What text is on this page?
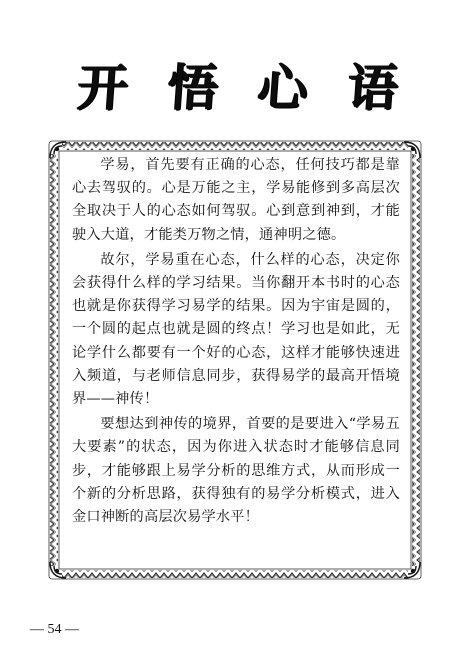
开 悟 心 语

学易，首先要有正确的心态，任何技巧都是靠心去驾驭的。心是万能之主，学易能修到多高层次全取决于人的心态如何驾驭。心到意到神到，才能驶入大道，才能类万物之情，通神明之德。

故尔，学易重在心态，什么样的心态，决定你会获得什么样的学习结果。当你翻开本书时的心态也就是你获得学习易学的结果。因为宇宙是圆的，一个圆的起点也就是圆的终点！学习也是如此，无论学什么都要有一个好的心态，这样才能够快速进入频道，与老师信息同步，获得易学的最高开悟境界——神传！

要想达到神传的境界，首要的是要进入“学易五大要素”的状态，因为你进入状态时才能够信息同步，才能够跟上易学分析的思维方式，从而形成一个新的分析思路，获得独有的易学分析模式，进入金口神断的高层次易学水平！

— 54 —
